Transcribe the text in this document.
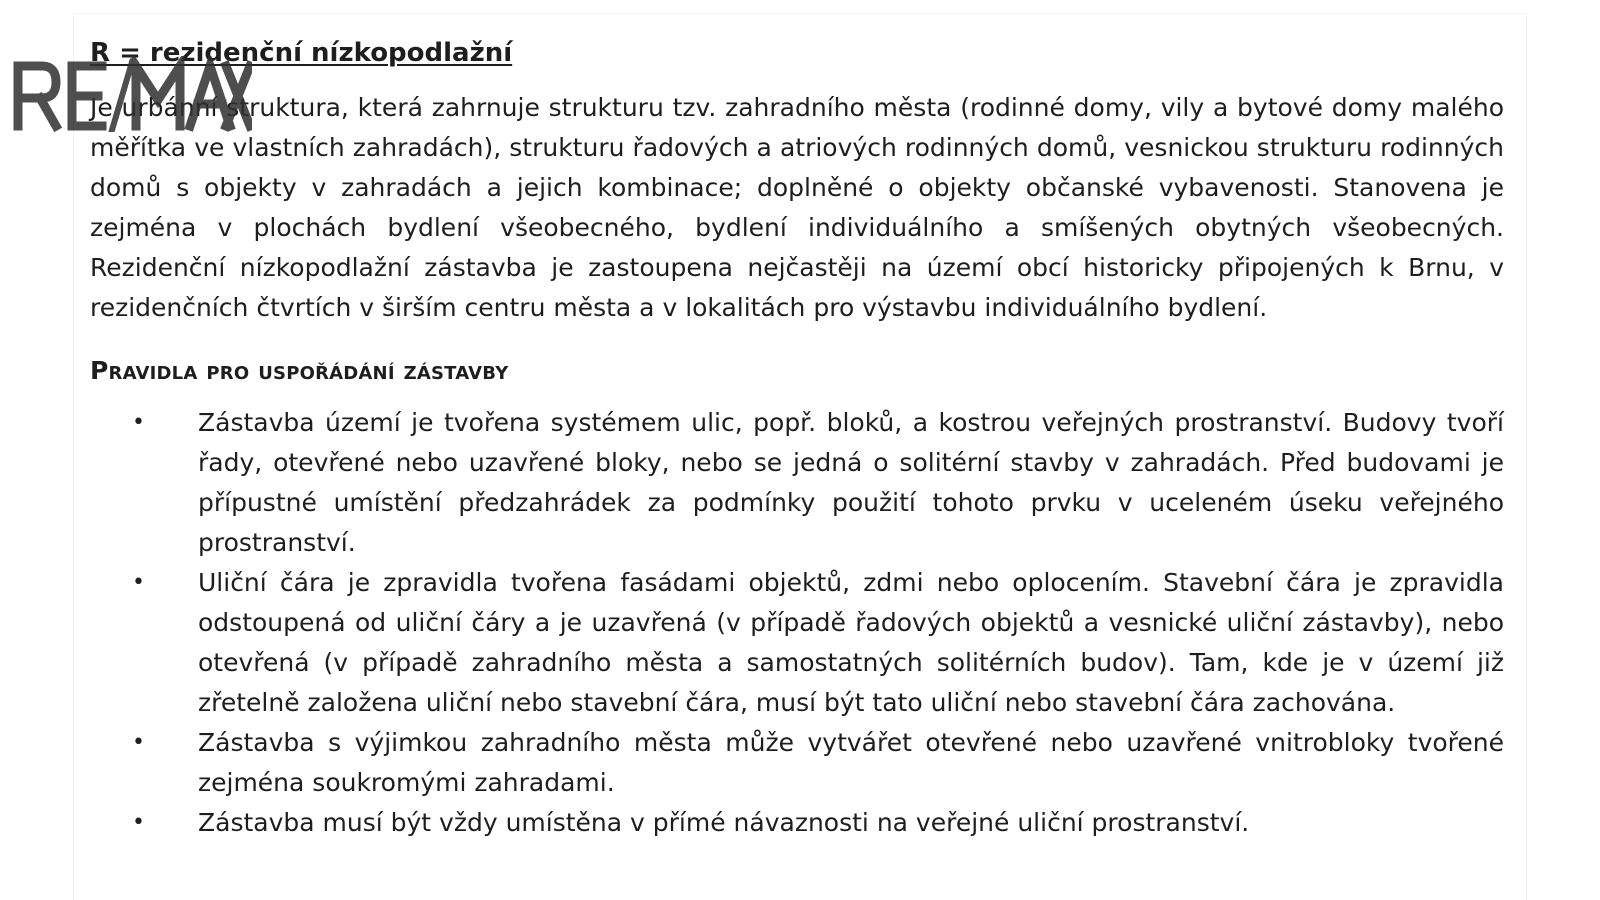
R = rezidenční nízkopodlažní

Je urbánní struktura, která zahrnuje strukturu tzv. zahradního města (rodinné domy, vily a bytové domy malého měřítka ve vlastních zahradách), strukturu řadových a atriových rodinných domů, vesnickou strukturu rodinných domů s objekty v zahradách a jejich kombinace; doplněné o objekty občanské vybavenosti. Stanovena je zejména v plochách bydlení všeobecného, bydlení individuálního a smíšených obytných všeobecných. Rezidenční nízkopodlažní zástavba je zastoupena nejčastěji na území obcí historicky připojených k Brnu, v rezidenčních čtvrtích v širším centru města a v lokalitách pro výstavbu individuálního bydlení.

Pravidla pro uspořádání zástavby
•	Zástavba území je tvořena systémem ulic, popř. bloků, a kostrou veřejných prostranství. Budovy tvoří řady, otevřené nebo uzavřené bloky, nebo se jedná o solitérní stavby v zahradách. Před budovami je přípustné umístění předzahrádek za podmínky použití tohoto prvku v uceleném úseku veřejného prostranství.
•	Uliční čára je zpravidla tvořena fasádami objektů, zdmi nebo oplocením. Stavební čára je zpravidla odstoupená od uliční čáry a je uzavřená (v případě řadových objektů a vesnické uliční zástavby), nebo otevřená (v případě zahradního města a samostatných solitérních budov). Tam, kde je v území již zřetelně založena uliční nebo stavební čára, musí být tato uliční nebo stavební čára zachována.
•	Zástavba s výjimkou zahradního města může vytvářet otevřené nebo uzavřené vnitrobloky tvořené zejména soukromými zahradami.
•	Zástavba musí být vždy umístěna v přímé návaznosti na veřejné uliční prostranství.
